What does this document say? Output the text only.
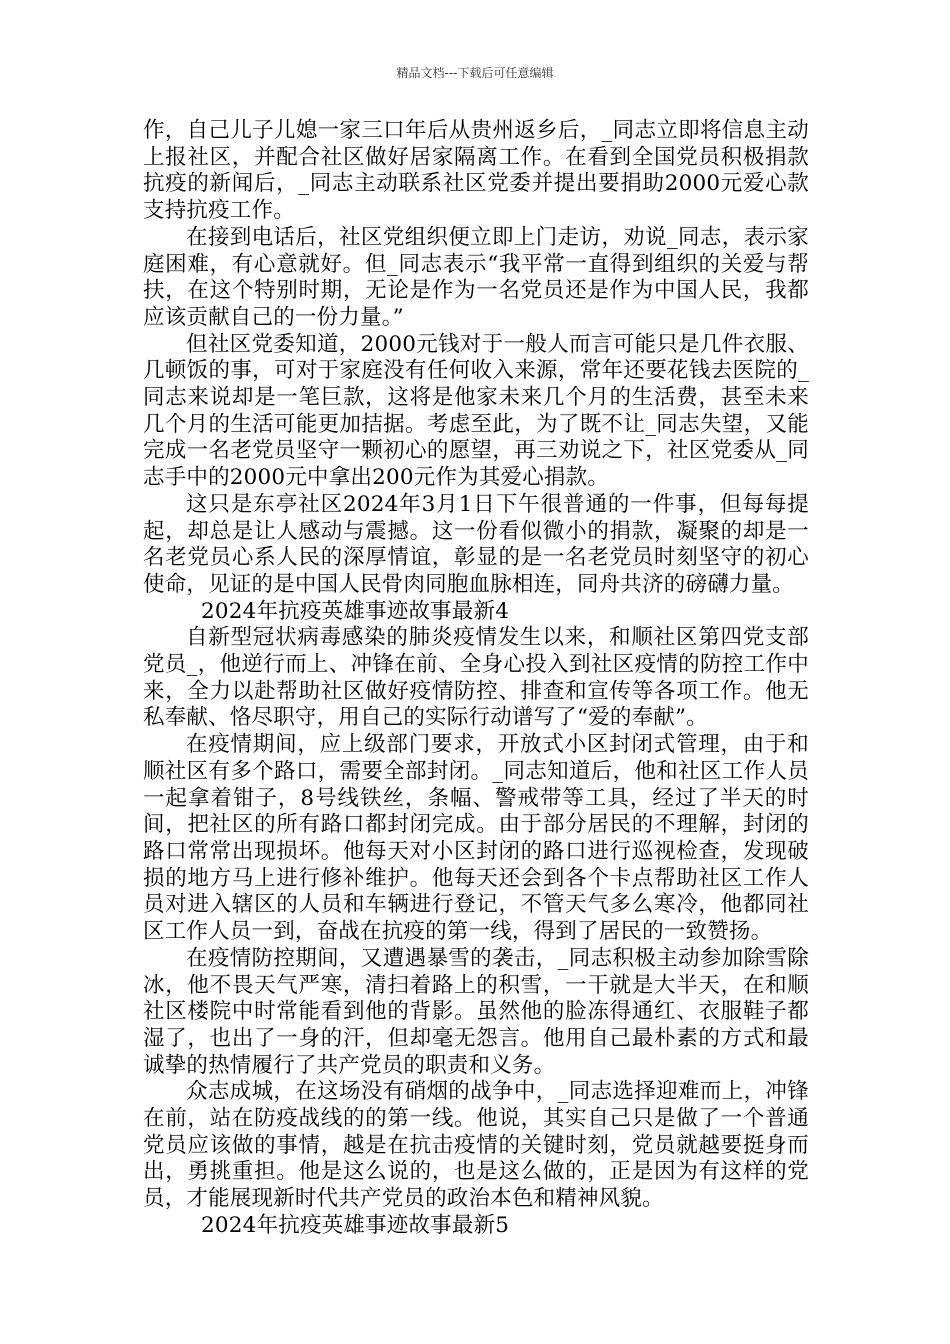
精品文档---下载后可任意编辑

作，自己儿子儿媳一家三口年后从贵州返乡后，_同志立即将信息主动上报社区，并配合社区做好居家隔离工作。在看到全国党员积极捐款抗疫的新闻后，_同志主动联系社区党委并提出要捐助2000元爱心款支持抗疫工作。

在接到电话后，社区党组织便立即上门走访，劝说_同志，表示家庭困难，有心意就好。但_同志表示“我平常一直得到组织的关爱与帮扶，在这个特别时期，无论是作为一名党员还是作为中国人民，我都应该贡献自己的一份力量。”

但社区党委知道，2000元钱对于一般人而言可能只是几件衣服、几顿饭的事，可对于家庭没有任何收入来源，常年还要花钱去医院的_同志来说却是一笔巨款，这将是他家未来几个月的生活费，甚至未来几个月的生活可能更加拮据。考虑至此，为了既不让_同志失望，又能完成一名老党员坚守一颗初心的愿望，再三劝说之下，社区党委从_同志手中的2000元中拿出200元作为其爱心捐款。

这只是东亭社区2024年3月1日下午很普通的一件事，但每每提起，却总是让人感动与震撼。这一份看似微小的捐款，凝聚的却是一名老党员心系人民的深厚情谊，彰显的是一名老党员时刻坚守的初心使命，见证的是中国人民骨肉同胞血脉相连，同舟共济的磅礴力量。

2024年抗疫英雄事迹故事最新4

自新型冠状病毒感染的肺炎疫情发生以来，和顺社区第四党支部党员_，他逆行而上、冲锋在前、全身心投入到社区疫情的防控工作中来，全力以赴帮助社区做好疫情防控、排查和宣传等各项工作。他无私奉献、恪尽职守，用自己的实际行动谱写了“爱的奉献”。

在疫情期间，应上级部门要求，开放式小区封闭式管理，由于和顺社区有多个路口，需要全部封闭。_同志知道后，他和社区工作人员一起拿着钳子，8号线铁丝，条幅、警戒带等工具，经过了半天的时间，把社区的所有路口都封闭完成。由于部分居民的不理解，封闭的路口常常出现损坏。他每天对小区封闭的路口进行巡视检查，发现破损的地方马上进行修补维护。他每天还会到各个卡点帮助社区工作人员对进入辖区的人员和车辆进行登记，不管天气多么寒冷，他都同社区工作人员一到，奋战在抗疫的第一线，得到了居民的一致赞扬。

在疫情防控期间，又遭遇暴雪的袭击，_同志积极主动参加除雪除冰，他不畏天气严寒，清扫着路上的积雪，一干就是大半天，在和顺社区楼院中时常能看到他的背影。虽然他的脸冻得通红、衣服鞋子都湿了，也出了一身的汗，但却毫无怨言。他用自己最朴素的方式和最诚挚的热情履行了共产党员的职责和义务。

众志成城，在这场没有硝烟的战争中，_同志选择迎难而上，冲锋在前，站在防疫战线的的第一线。他说，其实自己只是做了一个普通党员应该做的事情，越是在抗击疫情的关键时刻，党员就越要挺身而出，勇挑重担。他是这么说的，也是这么做的，正是因为有这样的党员，才能展现新时代共产党员的政治本色和精神风貌。

2024年抗疫英雄事迹故事最新5
